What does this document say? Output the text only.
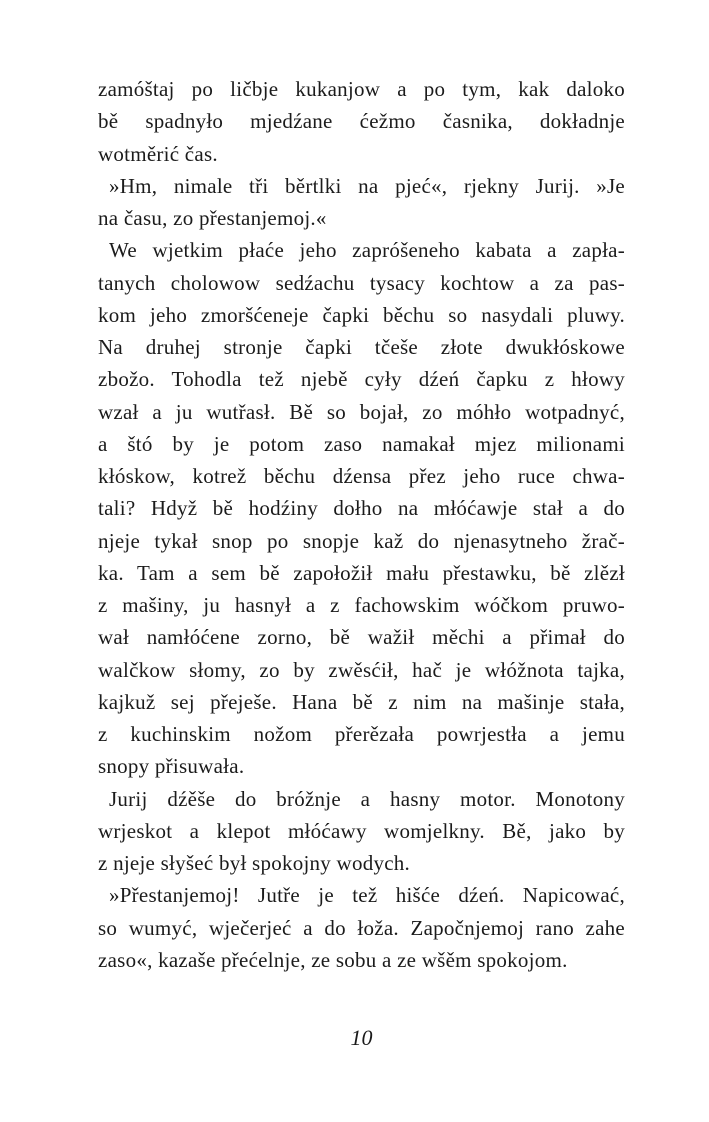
zamóštaj po ličbje kukanjow a po tym, kak daloko
bě spadnyło mjedźane ćežmo časnika, dokładnje
wotměrić čas.
»Hm, nimale tři běrtlki na pjeć«, rjekny Jurij. »Je
na času, zo přestanjemoj.«
We wjetkim płaće jeho zapróšeneho kabata a zapła-
tanych cholowow sedźachu tysacy kochtow a za pas-
kom jeho zmoršćeneje čapki běchu so nasydali pluwy.
Na druhej stronje čapki tčeše złote dwukłóskowe
zbožo. Tohodla tež njebě cyły dźeń čapku z hłowy
wzał a ju wutřasł. Bě so bojał, zo móhło wotpadnyć,
a štó by je potom zaso namakał mjez milionami
kłóskow, kotrež běchu dźensa přez jeho ruce chwa-
tali? Hdyž bě hodźiny dołho na młóćawje stał a do
njeje tykał snop po snopje kaž do njenasytneho žrač-
ka. Tam a sem bě zapołožił mału přestawku, bě zlězł
z mašiny, ju hasnył a z fachowskim wóčkom pruwo-
wał namłóćene zorno, bě wažił měchi a přimał do
walčkow słomy, zo by zwěsćił, hač je włóžnota tajka,
kajkuž sej přeješe. Hana bě z nim na mašinje stała,
z kuchinskim nožom přerězała powrjestła a jemu
snopy přisuwała.
Jurij dźěše do bróžnje a hasny motor. Monotony
wrjeskot a klepot młóćawy womjelkny. Bě, jako by
z njeje słyšeć był spokojny wodych.
»Přestanjemoj! Jutře je tež hišće dźeń. Napicować,
so wumyć, wječerjeć a do łoža. Započnjemoj rano zahe
zaso«, kazaše přećelnje, ze sobu a ze wšěm spokojom.
10
